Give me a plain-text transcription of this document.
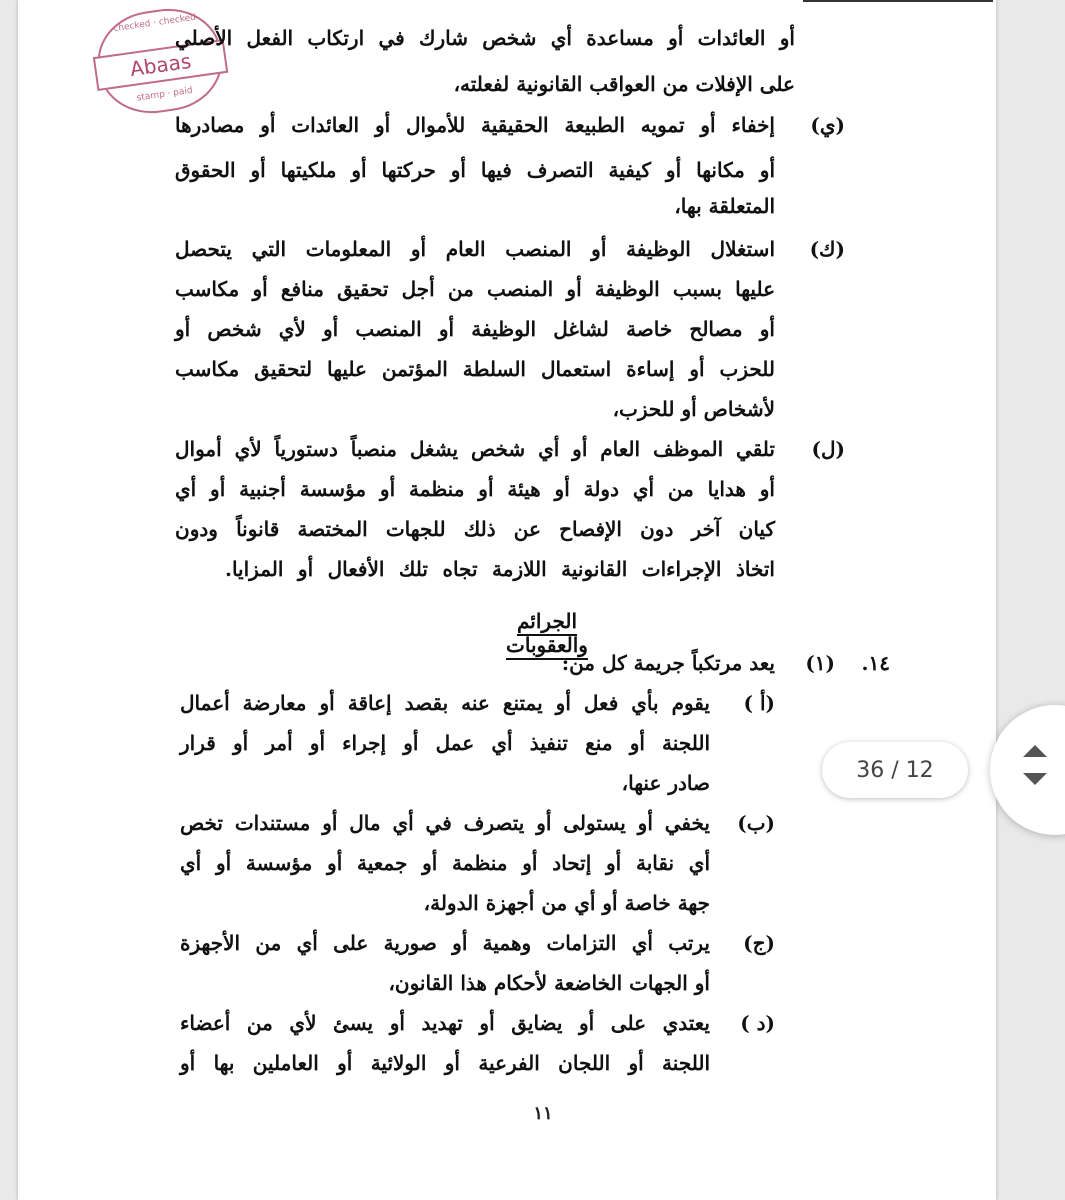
checked · checked
Abaas
stamp · paid
أو العائدات أو مساعدة أي شخص شارك في ارتكاب الفعل الأصلي
على الإفلات من العواقب القانونية لفعلته،
(ي)
إخفاء أو تمويه الطبيعة الحقيقية للأموال أو العائدات أو مصادرها
أو مكانها أو كيفية التصرف فيها أو حركتها أو ملكيتها أو الحقوق
المتعلقة بها،
(ك)
استغلال الوظيفة أو المنصب العام أو المعلومات التي يتحصل
عليها بسبب الوظيفة أو المنصب من أجل تحقيق منافع أو مكاسب
أو مصالح خاصة لشاغل الوظيفة أو المنصب أو لأي شخص أو
للحزب أو إساءة استعمال السلطة المؤتمن عليها لتحقيق مكاسب
لأشخاص أو للحزب،
(ل)
تلقي الموظف العام أو أي شخص يشغل منصباً دستورياً لأي أموال
أو هدايا من أي دولة أو هيئة أو منظمة أو مؤسسة أجنبية أو أي
كيان آخر دون الإفصاح عن ذلك للجهات المختصة قانوناً ودون
اتخاذ الإجراءات القانونية اللازمة تجاه تلك الأفعال أو المزايا.
الجرائم والعقوبات
١٤.
(١)
يعد مرتكباً جريمة كل من:
(أ )
يقوم بأي فعل أو يمتنع عنه بقصد إعاقة أو معارضة أعمال
اللجنة أو منع تنفيذ أي عمل أو إجراء أو أمر أو قرار
صادر عنها،
(ب)
يخفي أو يستولى أو يتصرف في أي مال أو مستندات تخص
أي نقابة أو إتحاد أو منظمة أو جمعية أو مؤسسة أو أي
جهة خاصة أو أي من أجهزة الدولة،
(ج)
يرتب أي التزامات وهمية أو صورية على أي من الأجهزة
أو الجهات الخاضعة لأحكام هذا القانون،
(د )
يعتدي على أو يضايق أو تهديد أو يسئ لأي من أعضاء
اللجنة أو اللجان الفرعية أو الولائية أو العاملين بها أو
١١
36 / 12
